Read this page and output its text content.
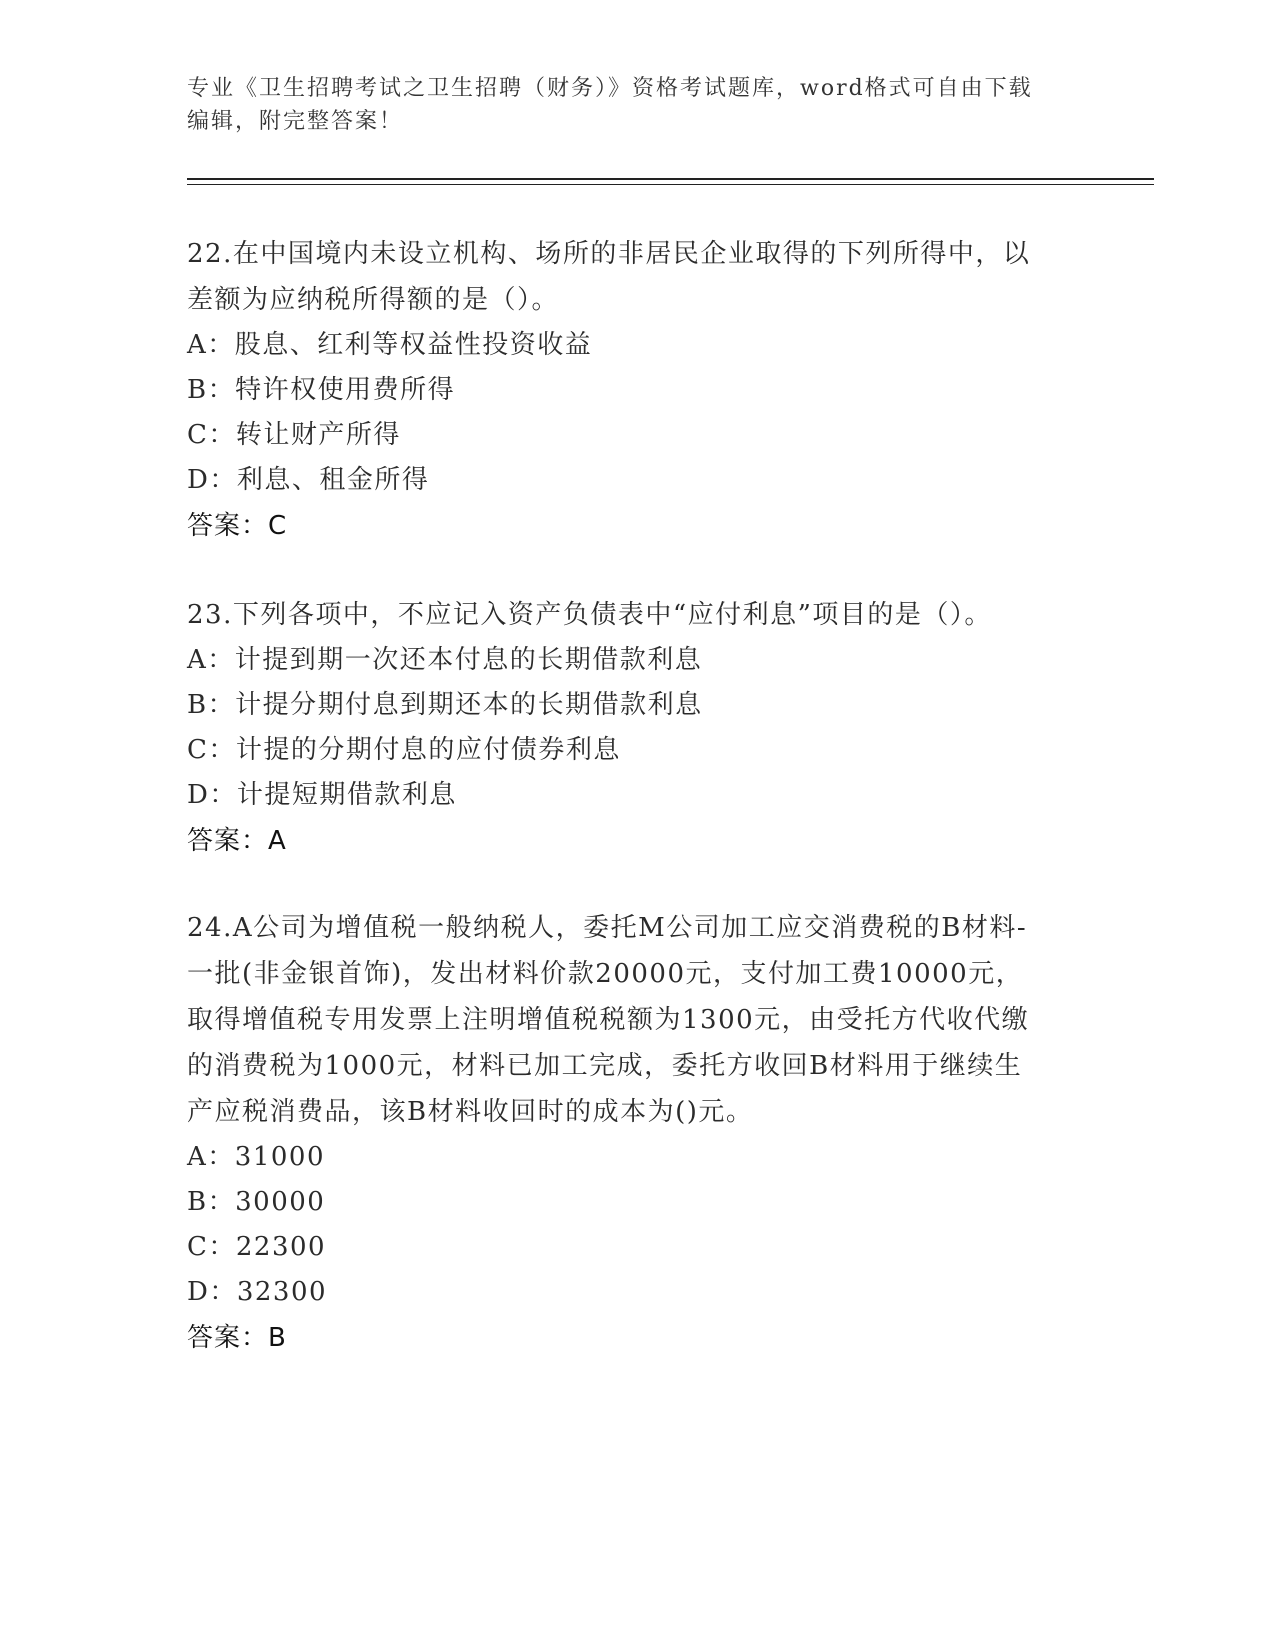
专业《卫生招聘考试之卫生招聘（财务）》资格考试题库，word格式可自由下载
编辑，附完整答案！

22.在中国境内未设立机构、场所的非居民企业取得的下列所得中，以

差额为应纳税所得额的是（）。

A：股息、红利等权益性投资收益

B：特许权使用费所得

C：转让财产所得

D：利息、租金所得

答案：C

23.下列各项中，不应记入资产负债表中“应付利息”项目的是（）。

A：计提到期一次还本付息的长期借款利息

B：计提分期付息到期还本的长期借款利息

C：计提的分期付息的应付债券利息

D：计提短期借款利息

答案：A

24.A公司为增值税一般纳税人，委托M公司加工应交消费税的B材料-

一批(非金银首饰)，发出材料价款20000元，支付加工费10000元，

取得增值税专用发票上注明增值税税额为1300元，由受托方代收代缴

的消费税为1000元，材料已加工完成，委托方收回B材料用于继续生

产应税消费品，该B材料收回时的成本为()元。

A：31000

B：30000

C：22300

D：32300

答案：B
